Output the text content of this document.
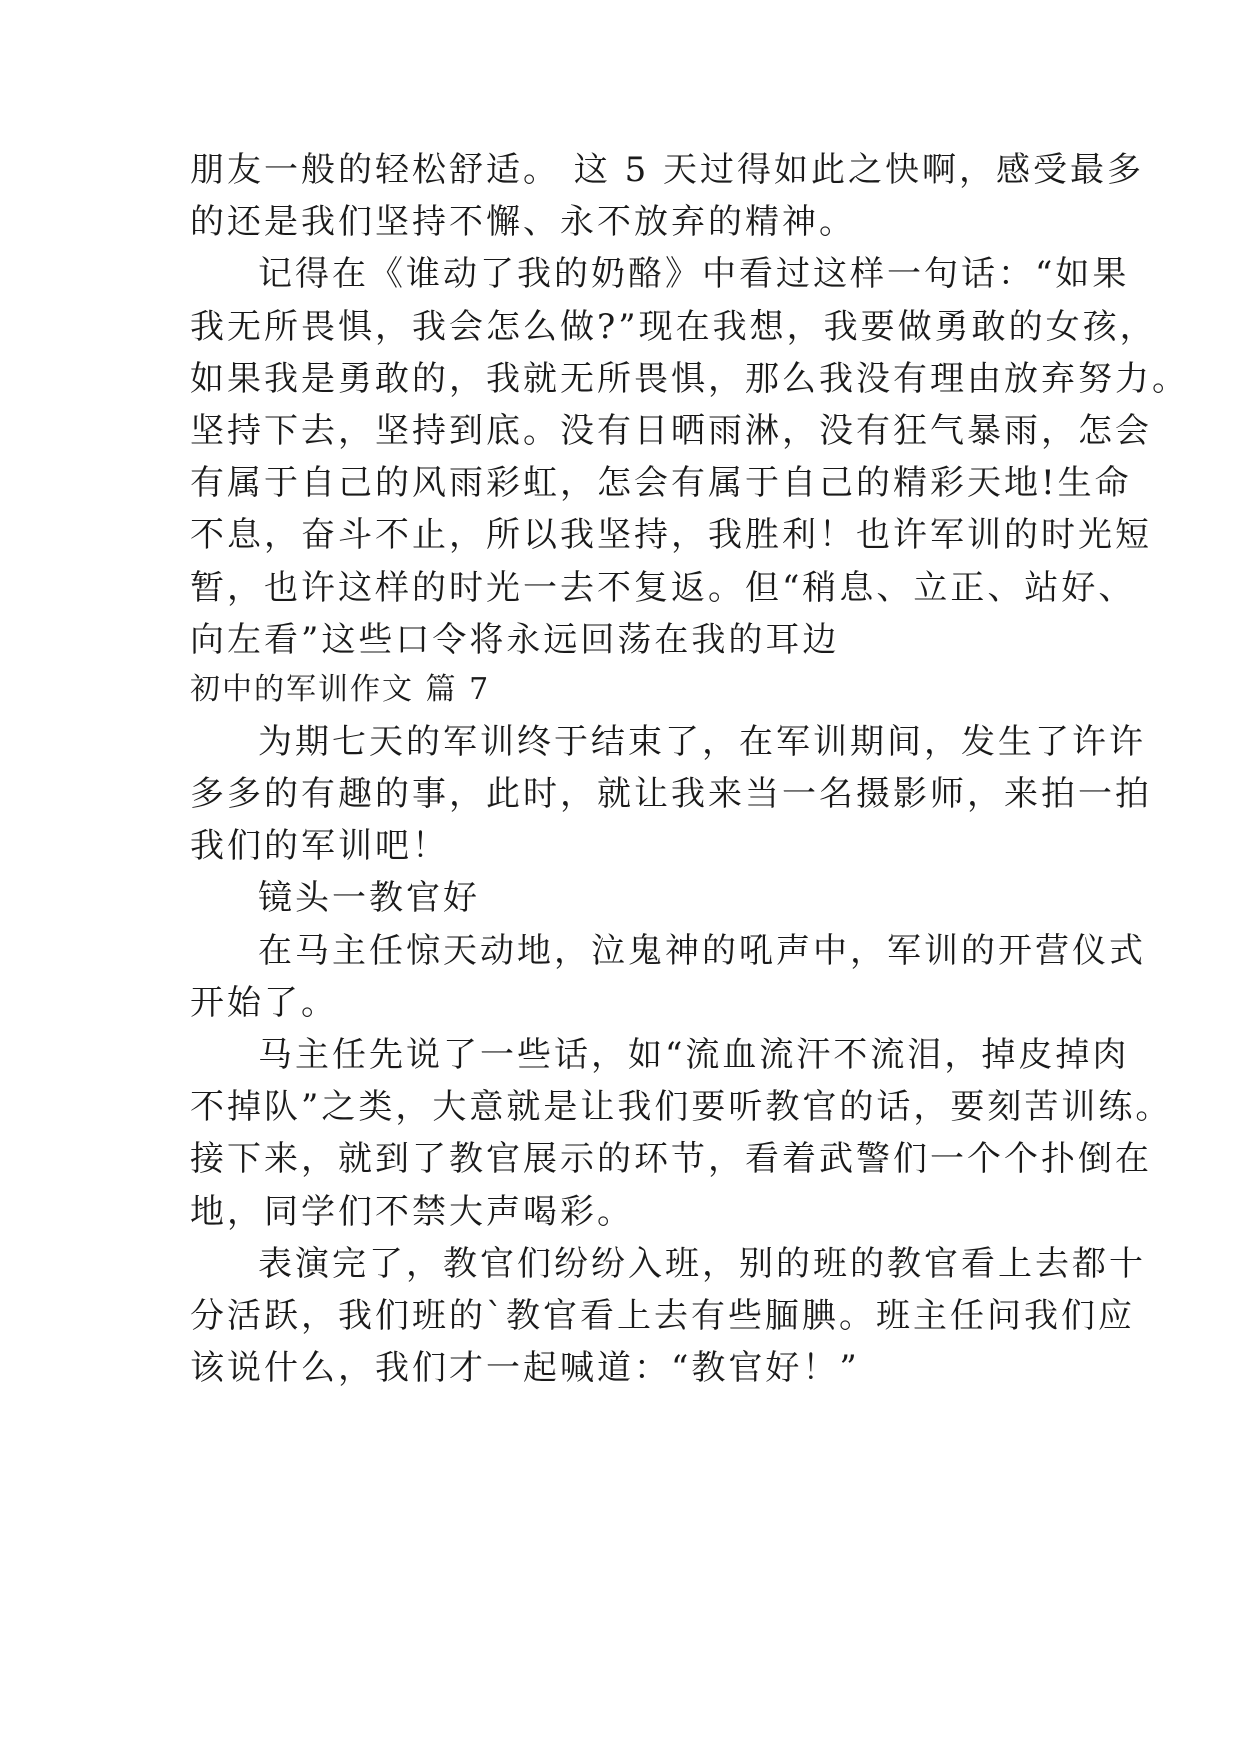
朋友一般的轻松舒适。 这 5 天过得如此之快啊，感受最多
的还是我们坚持不懈、永不放弃的精神。
记得在《谁动了我的奶酪》中看过这样一句话：“如果
我无所畏惧，我会怎么做?”现在我想，我要做勇敢的女孩，
如果我是勇敢的，我就无所畏惧，那么我没有理由放弃努力。
坚持下去，坚持到底。没有日晒雨淋，没有狂气暴雨，怎会
有属于自己的风雨彩虹，怎会有属于自己的精彩天地!生命
不息，奋斗不止，所以我坚持，我胜利！也许军训的时光短
暂，也许这样的时光一去不复返。但“稍息、立正、站好、
向左看”这些口令将永远回荡在我的耳边
初中的军训作文 篇 7
为期七天的军训终于结束了，在军训期间，发生了许许
多多的有趣的事，此时，就让我来当一名摄影师，来拍一拍
我们的军训吧！
镜头一教官好
在马主任惊天动地，泣鬼神的吼声中，军训的开营仪式
开始了。
马主任先说了一些话，如“流血流汗不流泪，掉皮掉肉
不掉队”之类，大意就是让我们要听教官的话，要刻苦训练。
接下来，就到了教官展示的环节，看着武警们一个个扑倒在
地，同学们不禁大声喝彩。
表演完了，教官们纷纷入班，别的班的教官看上去都十
分活跃，我们班的`教官看上去有些腼腆。班主任问我们应
该说什么，我们才一起喊道：“教官好！”
